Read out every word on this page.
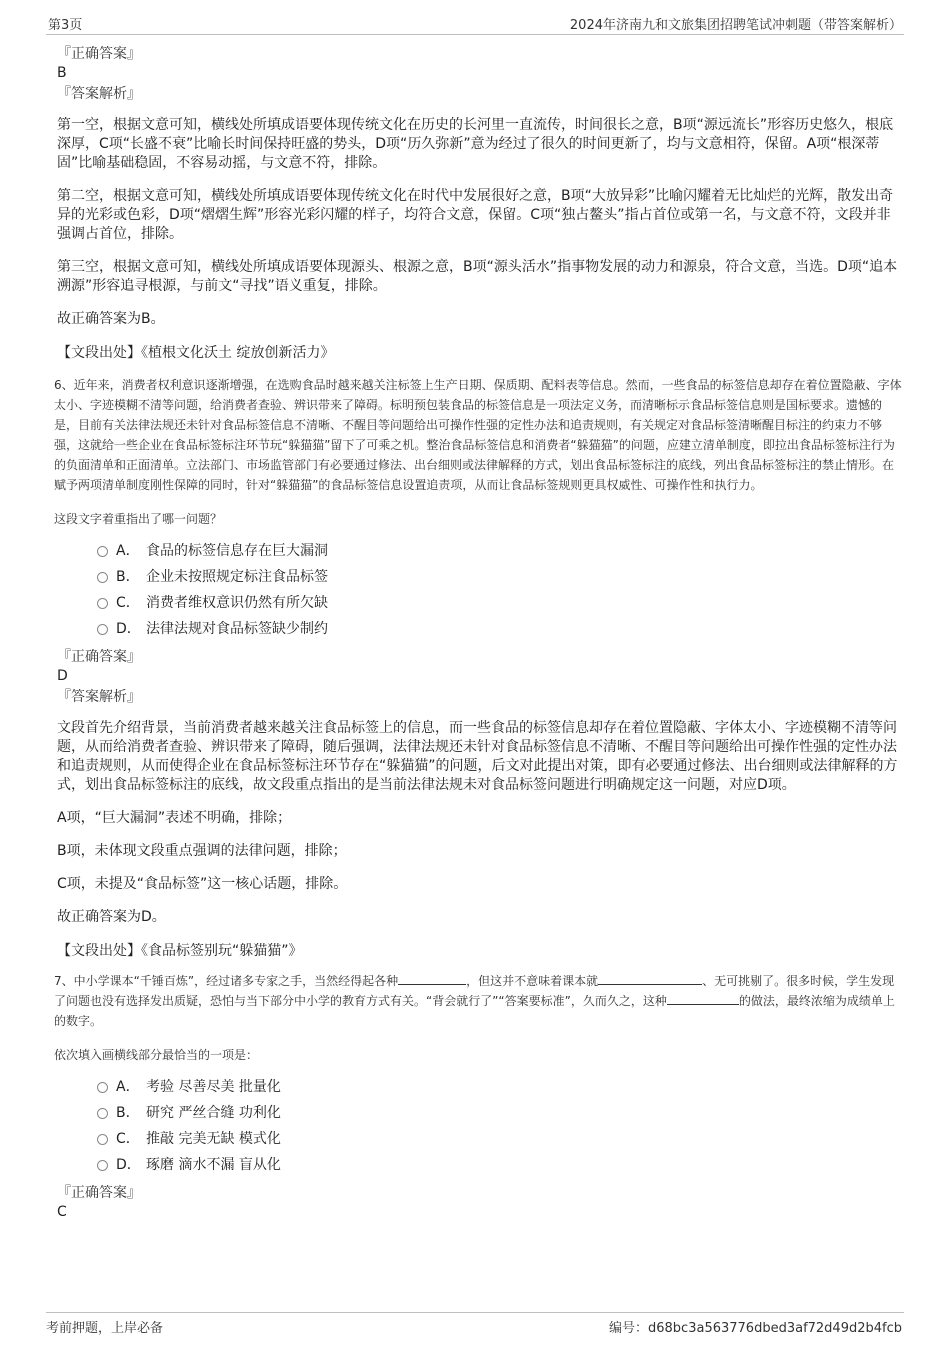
第3页	2024年济南九和文旅集团招聘笔试冲刺题（带答案解析）
『正确答案』
B
『答案解析』

第一空，根据文意可知，横线处所填成语要体现传统文化在历史的长河里一直流传，时间很长之意，B项“源远流长”形容历史悠久，根底深厚，C项“长盛不衰”比喻长时间保持旺盛的势头，D项“历久弥新”意为经过了很久的时间更新了，均与文意相符，保留。A项“根深蒂固”比喻基础稳固，不容易动摇，与文意不符，排除。

第二空，根据文意可知，横线处所填成语要体现传统文化在时代中发展很好之意，B项“大放异彩”比喻闪耀着无比灿烂的光辉，散发出奇异的光彩或色彩，D项“熠熠生辉”形容光彩闪耀的样子，均符合文意，保留。C项“独占鳌头”指占首位或第一名，与文意不符，文段并非强调占首位，排除。

第三空，根据文意可知，横线处所填成语要体现源头、根源之意，B项“源头活水”指事物发展的动力和源泉，符合文意，当选。D项“追本溯源”形容追寻根源，与前文“寻找”语义重复，排除。

故正确答案为B。

【文段出处】《植根文化沃土 绽放创新活力》

6、近年来，消费者权利意识逐渐增强，在选购食品时越来越关注标签上生产日期、保质期、配料表等信息。然而，一些食品的标签信息却存在着位置隐蔽、字体太小、字迹模糊不清等问题，给消费者查验、辨识带来了障碍。标明预包装食品的标签信息是一项法定义务，而清晰标示食品标签信息则是国标要求。遗憾的是，目前有关法律法规还未针对食品标签信息不清晰、不醒目等问题给出可操作性强的定性办法和追责规则，有关规定对食品标签清晰醒目标注的约束力不够强，这就给一些企业在食品标签标注环节玩“躲猫猫”留下了可乘之机。整治食品标签信息和消费者“躲猫猫”的问题，应建立清单制度，即拉出食品标签标注行为的负面清单和正面清单。立法部门、市场监管部门有必要通过修法、出台细则或法律解释的方式，划出食品标签标注的底线，列出食品标签标注的禁止情形。在赋予两项清单制度刚性保障的同时，针对“躲猫猫”的食品标签信息设置追责项，从而让食品标签规则更具权威性、可操作性和执行力。

这段文字着重指出了哪一问题？

A． 食品的标签信息存在巨大漏洞
B． 企业未按照规定标注食品标签
C． 消费者维权意识仍然有所欠缺
D． 法律法规对食品标签缺少制约
『正确答案』
D
『答案解析』

文段首先介绍背景，当前消费者越来越关注食品标签上的信息，而一些食品的标签信息却存在着位置隐蔽、字体太小、字迹模糊不清等问题，从而给消费者查验、辨识带来了障碍，随后强调，法律法规还未针对食品标签信息不清晰、不醒目等问题给出可操作性强的定性办法和追责规则，从而使得企业在食品标签标注环节存在“躲猫猫”的问题，后文对此提出对策，即有必要通过修法、出台细则或法律解释的方式，划出食品标签标注的底线，故文段重点指出的是当前法律法规未对食品标签问题进行明确规定这一问题，对应D项。

A项，“巨大漏洞”表述不明确，排除；

B项，未体现文段重点强调的法律问题，排除；

C项，未提及“食品标签”这一核心话题，排除。

故正确答案为D。

【文段出处】《食品标签别玩“躲猫猫”》

7、中小学课本“千锤百炼”，经过诸多专家之手，当然经得起各种	，但这并不意味着课本就	、无可挑剔了。很多时候，学生发现了问题也没有选择发出质疑，恐怕与当下部分中小学的教育方式有关。“背会就行了”“答案要标准”，久而久之，这种	的做法，最终浓缩为成绩单上的数字。

依次填入画横线部分最恰当的一项是：

A． 考验 尽善尽美 批量化
B． 研究 严丝合缝 功利化
C． 推敲 完美无缺 模式化
D． 琢磨 滴水不漏 盲从化
『正确答案』
C
考前押题，上岸必备	编号：d68bc3a563776dbed3af72d49d2b4fcb
